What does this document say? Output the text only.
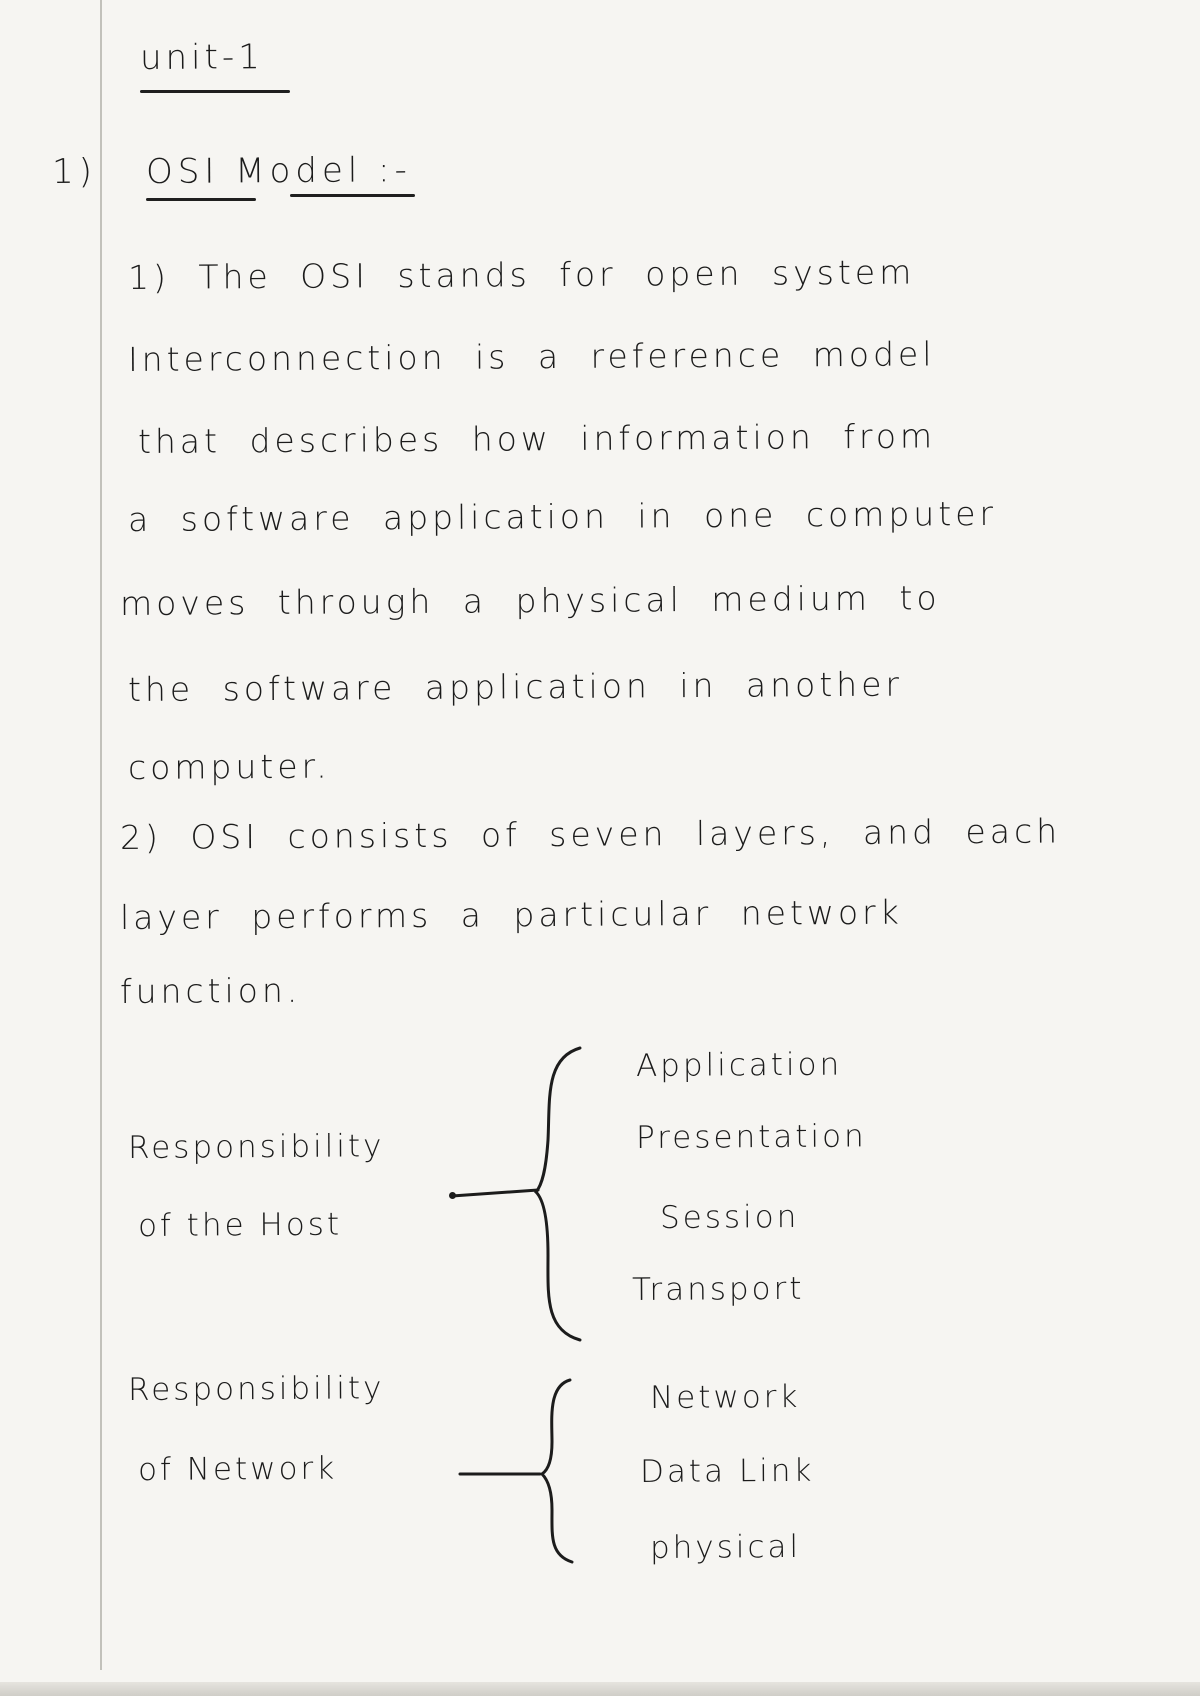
unit-1
1) OSI Model :-
1) The OSI stands for open system
Interconnection is a reference model
that describes how information from
a software application in one computer
moves through a physical medium to
the software application in another
computer.
2) OSI consists of seven layers, and each
layer performs a particular network
function.
Responsibility
of the Host
Application
Presentation
Session
Transport
Responsibility
of Network
Network
Data Link
physical
